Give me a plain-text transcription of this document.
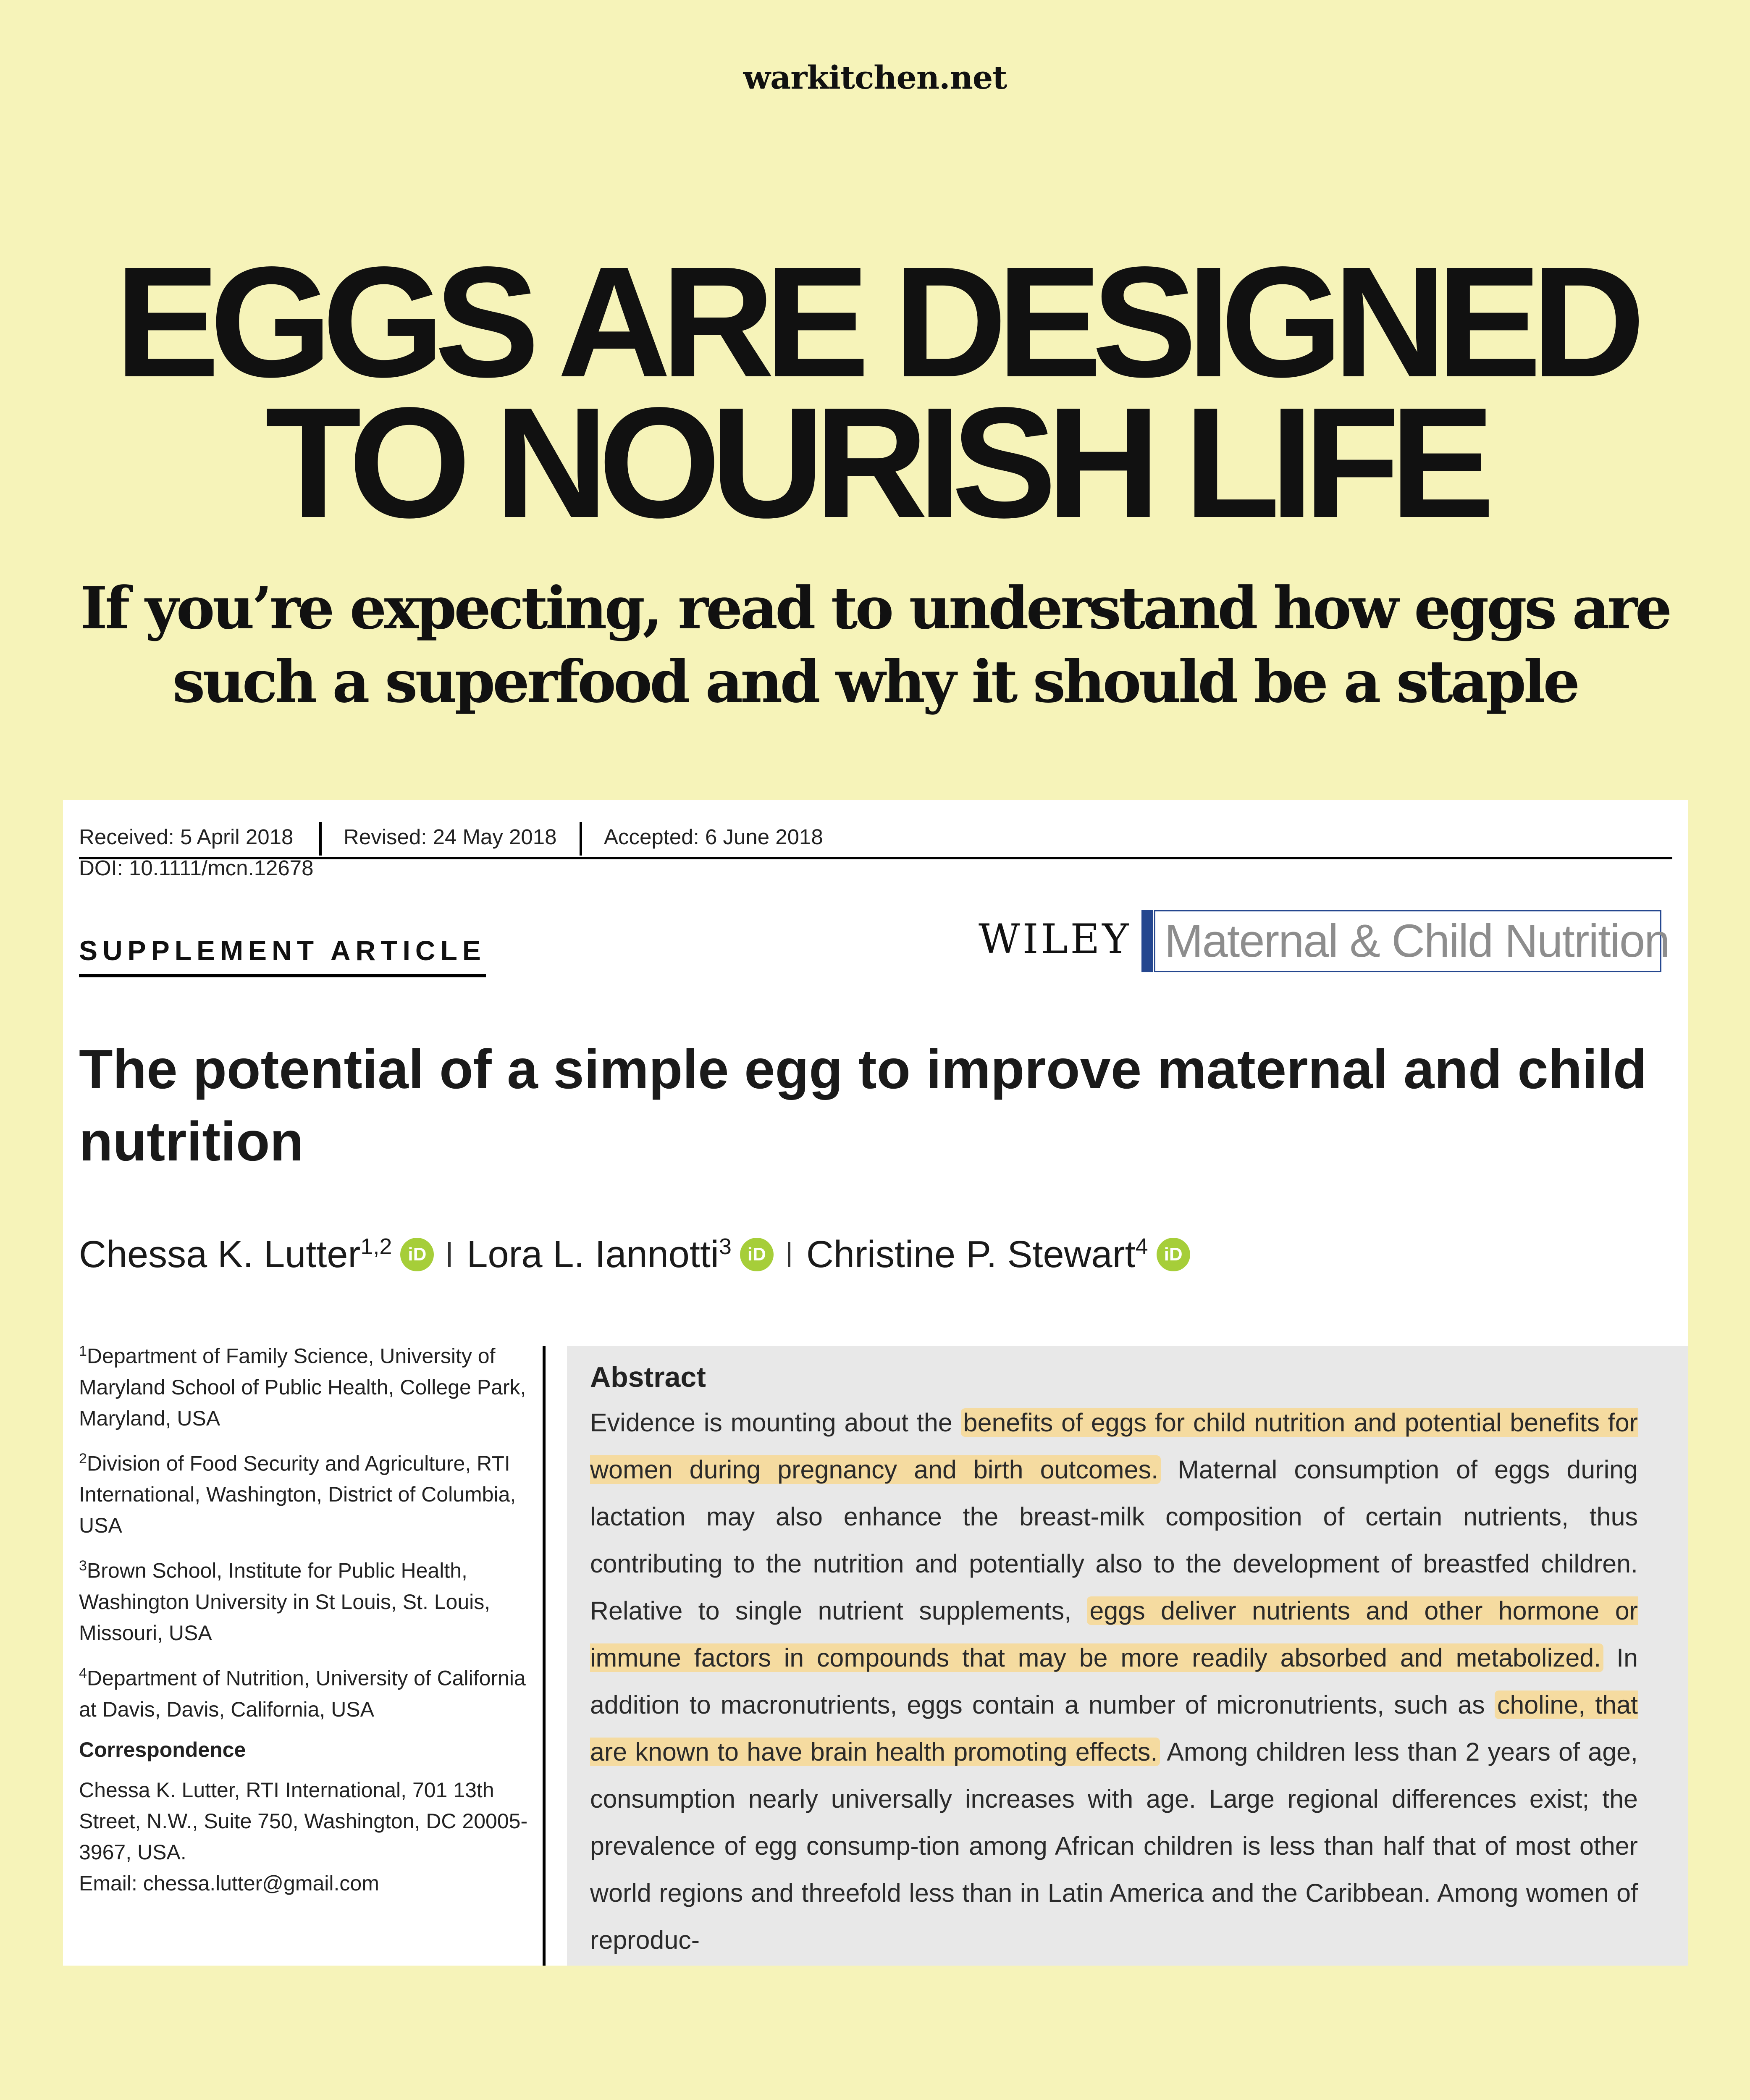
warkitchen.net
EGGS ARE DESIGNED
TO NOURISH LIFE
If you’re expecting, read to understand how eggs are
such a superfood and why it should be a staple
Received: 5 April 2018 Revised: 24 May 2018 Accepted: 6 June 2018
DOI: 10.1111/mcn.12678
SUPPLEMENT ARTICLE	WILEY Maternal & Child Nutrition
The potential of a simple egg to improve maternal and child nutrition
Chessa K. Lutter$^{1,2}$ iD Lora L. Iannotti$^3$ iD Christine P. Stewart$^4$ iD

$^1$Department of Family Science, University of Maryland School of Public Health, College Park, Maryland, USA

$^2$Division of Food Security and Agriculture, RTI International, Washington, District of Columbia, USA

$^3$Brown School, Institute for Public Health, Washington University in St Louis, St. Louis, Missouri, USA

$^4$Department of Nutrition, University of California at Davis, Davis, California, USA

Correspondence

Chessa K. Lutter, RTI International, 701 13th Street, N.W., Suite 750, Washington, DC 20005-3967, USA.

Email: chessa.lutter@gmail.com

Abstract

Evidence is mounting about the benefits of eggs for child nutrition and potential benefits for women during pregnancy and birth outcomes. Maternal consumption of eggs during lactation may also enhance the breast-milk composition of certain nutrients, thus contributing to the nutrition and potentially also to the development of breastfed children. Relative to single nutrient supplements, eggs deliver nutrients and other hormone or immune factors in compounds that may be more readily absorbed and metabolized. In addition to macronutrients, eggs contain a number of micronutrients, such as choline, that are known to have brain health promoting effects. Among children less than 2 years of age, consumption nearly universally increases with age. Large regional differences exist; the prevalence of egg consump-tion among African children is less than half that of most other world regions and threefold less than in Latin America and the Caribbean. Among women of reproduc-
